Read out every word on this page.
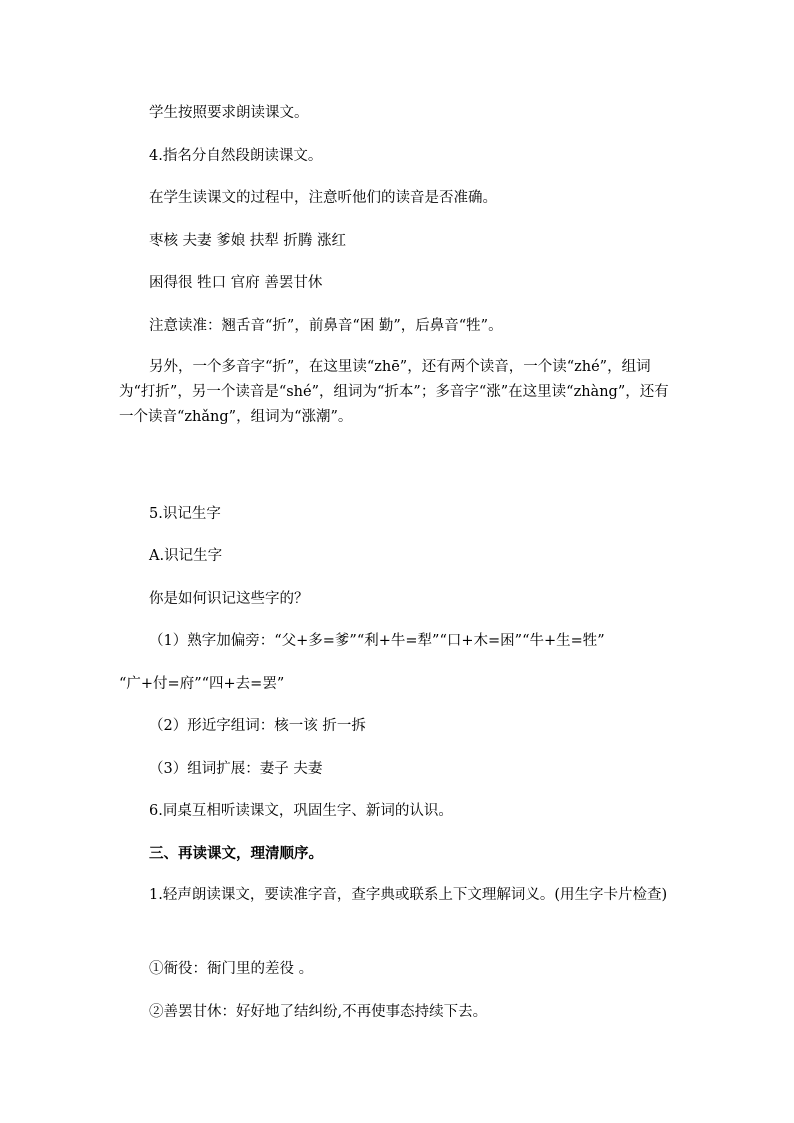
学生按照要求朗读课文。

4.指名分自然段朗读课文。

在学生读课文的过程中，注意听他们的读音是否准确。

枣核 夫妻 爹娘 扶犁 折腾 涨红

困得很 牲口 官府 善罢甘休

注意读准：翘舌音“折”，前鼻音“困 勤”，后鼻音“牲”。

另外，一个多音字“折”，在这里读“zhē”，还有两个读音，一个读“zhé”，组词为“打折”，另一个读音是“shé”，组词为“折本”；多音字“涨”在这里读“zhàng”，还有一个读音“zhǎng”，组词为“涨潮”。

5.识记生字

A.识记生字

你是如何识记这些字的？

（1）熟字加偏旁：“父+多=爹”“利+牛=犁”“口+木=困”“牛+生=牲”

“广+付=府”“四+去=罢”

（2）形近字组词：核一该 折一拆

（3）组词扩展：妻子 夫妻

6.同桌互相听读课文，巩固生字、新词的认识。

三、再读课文，理清顺序。

1.轻声朗读课文，要读准字音，查字典或联系上下文理解词义。(用生字卡片检查)

①衙役：衙门里的差役 。

②善罢甘休：好好地了结纠纷,不再使事态持续下去。
